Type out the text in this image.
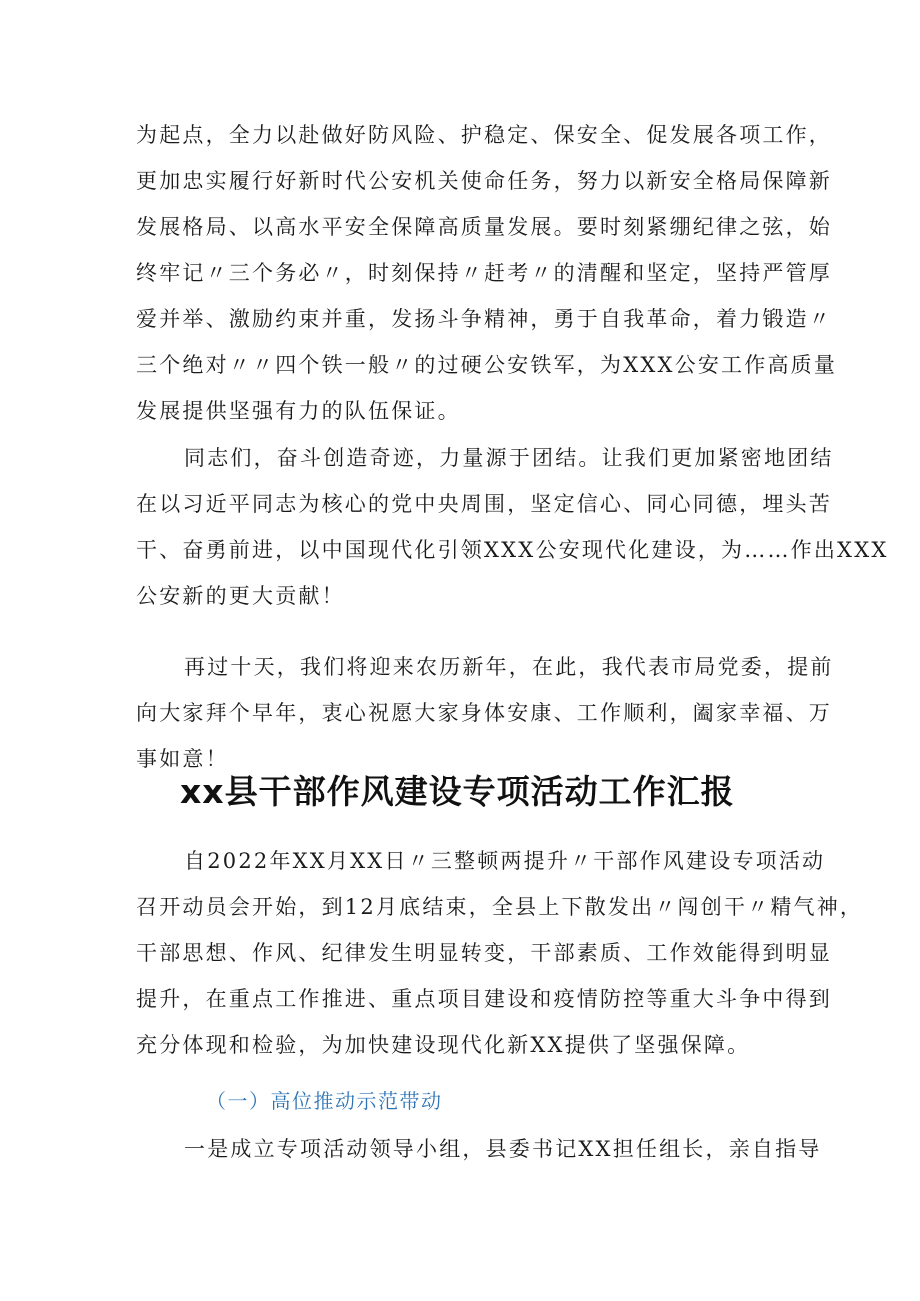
为起点，全力以赴做好防风险、护稳定、保安全、促发展各项工作，
更加忠实履行好新时代公安机关使命任务，努力以新安全格局保障新
发展格局、以高水平安全保障高质量发展。要时刻紧绷纪律之弦，始
终牢记〃三个务必〃，时刻保持〃赶考〃的清醒和坚定，坚持严管厚
爱并举、激励约束并重，发扬斗争精神，勇于自我革命，着力锻造〃
三个绝对〃〃四个铁一般〃的过硬公安铁军，为XXX公安工作高质量
发展提供坚强有力的队伍保证。
同志们，奋斗创造奇迹，力量源于团结。让我们更加紧密地团结
在以习近平同志为核心的党中央周围，坚定信心、同心同德，埋头苦
干、奋勇前进，以中国现代化引领XXX公安现代化建设，为……作出XXX
公安新的更大贡献！
再过十天，我们将迎来农历新年，在此，我代表市局党委，提前
向大家拜个早年，衷心祝愿大家身体安康、工作顺利，阖家幸福、万
事如意！
xx县干部作风建设专项活动工作汇报
自2022年XX月XX日〃三整顿两提升〃干部作风建设专项活动
召开动员会开始，到12月底结束，全县上下散发出〃闯创干〃精气神，
干部思想、作风、纪律发生明显转变，干部素质、工作效能得到明显
提升，在重点工作推进、重点项目建设和疫情防控等重大斗争中得到
充分体现和检验，为加快建设现代化新XX提供了坚强保障。
（一）高位推动示范带动
一是成立专项活动领导小组，县委书记XX担任组长，亲自指导
